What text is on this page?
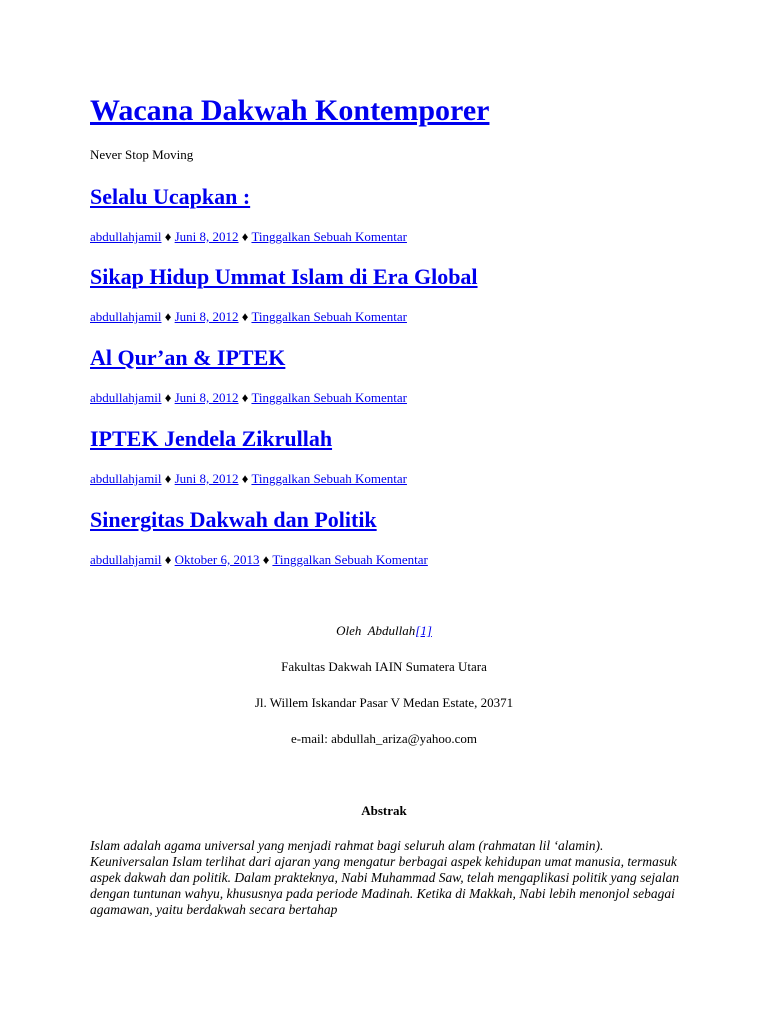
Wacana Dakwah Kontemporer

Never Stop Moving

Selalu Ucapkan :

abdullahjamil ♦ Juni 8, 2012 ♦ Tinggalkan Sebuah Komentar

Sikap Hidup Ummat Islam di Era Global

abdullahjamil ♦ Juni 8, 2012 ♦ Tinggalkan Sebuah Komentar

Al Qur’an & IPTEK

abdullahjamil ♦ Juni 8, 2012 ♦ Tinggalkan Sebuah Komentar

IPTEK Jendela Zikrullah

abdullahjamil ♦ Juni 8, 2012 ♦ Tinggalkan Sebuah Komentar

Sinergitas Dakwah dan Politik

abdullahjamil ♦ Oktober 6, 2013 ♦ Tinggalkan Sebuah Komentar

Oleh  Abdullah[1]

Fakultas Dakwah IAIN Sumatera Utara

Jl. Willem Iskandar Pasar V Medan Estate, 20371

e-mail: abdullah_ariza@yahoo.com

Abstrak

Islam adalah agama universal yang menjadi rahmat bagi seluruh alam (rahmatan lil ‘alamin). Keuniversalan Islam terlihat dari ajaran yang mengatur berbagai aspek kehidupan umat manusia, termasuk aspek dakwah dan politik. Dalam prakteknya, Nabi Muhammad Saw, telah mengaplikasi politik yang sejalan dengan tuntunan wahyu, khususnya pada periode Madinah. Ketika di Makkah, Nabi lebih menonjol sebagai agamawan, yaitu berdakwah secara bertahap
